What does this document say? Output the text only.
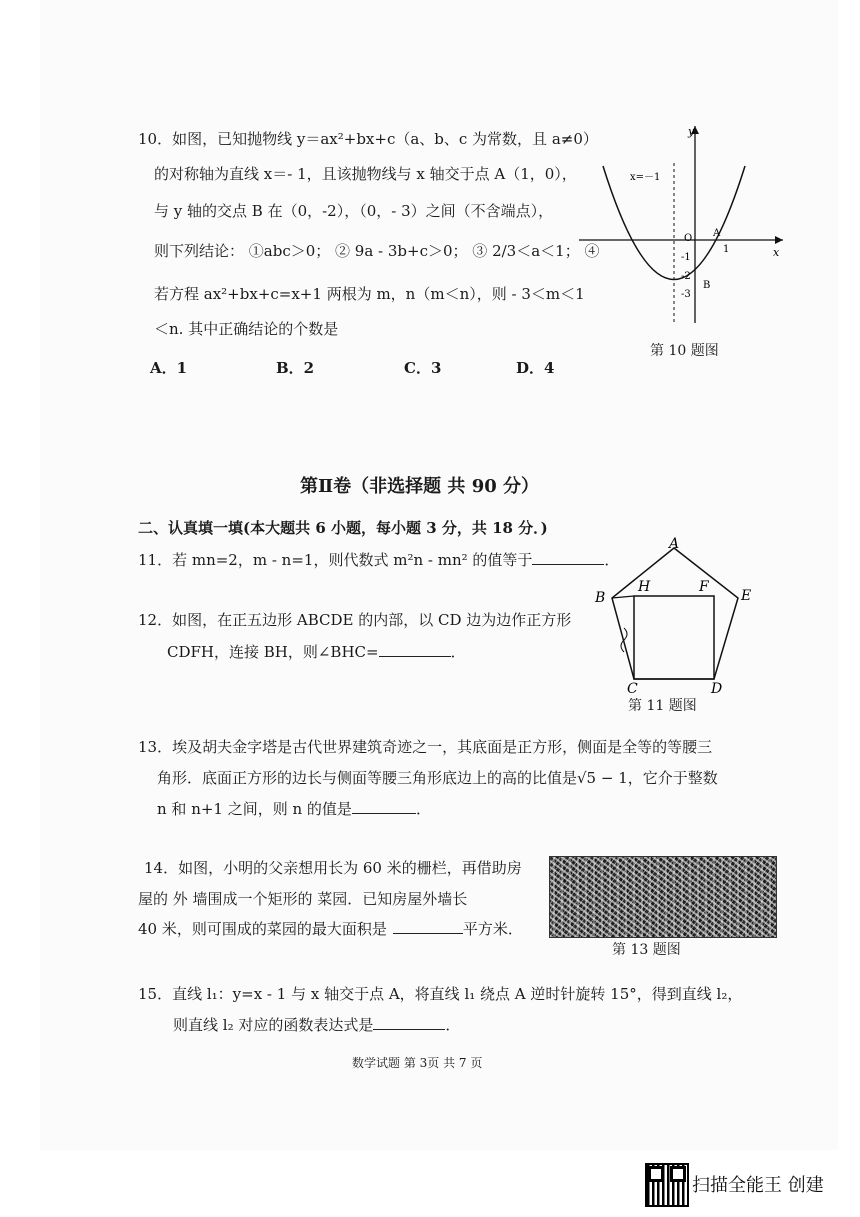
10．如图，已知抛物线 y＝ax²+bx+c（a、b、c 为常数，且 a≠0）
的对称轴为直线 x＝- 1，且该抛物线与 x 轴交于点 A（1，0），
与 y 轴的交点 B 在（0，-2），（0，- 3）之间（不含端点），
则下列结论： ①abc＞0； ② 9a - 3b+c＞0； ③ 2/3＜a＜1； ④
若方程 ax²+bx+c=x+1 两根为 m，n（m＜n），则 - 3＜m＜1
＜n. 其中正确结论的个数是
A．1	B．2	C．3	D．4
x
y
x=－1
O A
1
-1
-2
-3
B
第 10 题图
第Ⅱ卷（非选择题 共 90 分）
二、认真填一填(本大题共 6 小题，每小题 3 分，共 18 分．)
11．若 mn=2，m - n=1，则代数式 m²n - mn² 的值等于	．
12．如图，在正五边形 ABCDE 的内部，以 CD 边为边作正方形
CDFH，连接 BH，则∠BHC=	．
A
B	E
H	F
C	D
第 11 题图
13．埃及胡夫金字塔是古代世界建筑奇迹之一，其底面是正方形，侧面是全等的等腰三
角形．底面正方形的边长与侧面等腰三角形底边上的高的比值是√5 − 1，它介于整数
n 和 n+1 之间，则 n 的值是	．
14．如图，小明的父亲想用长为 60 米的栅栏，再借助房
屋的 外 墙围成一个矩形的 菜园．已知房屋外墙长
40 米，则可围成的菜园的最大面积是	平方米．
第 13 题图
15．直线 l₁：y=x - 1 与 x 轴交于点 A，将直线 l₁ 绕点 A 逆时针旋转 15°，得到直线 l₂，
则直线 l₂ 对应的函数表达式是	．
数学试题 第 3页 共 7 页
扫描全能王 创建
